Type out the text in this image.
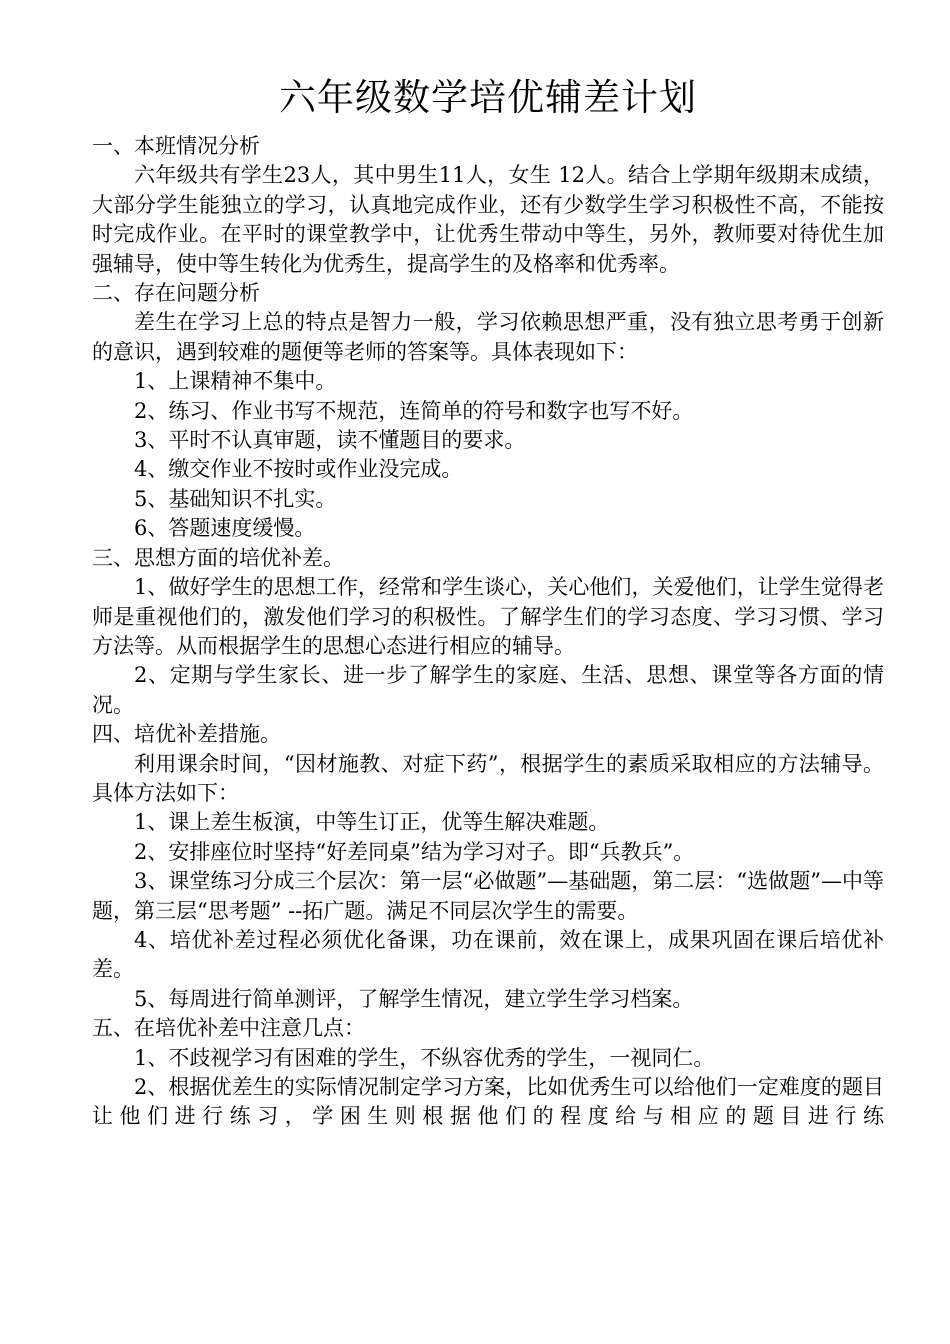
六年级数学培优辅差计划

一、本班情况分析

六年级共有学生23人，其中男生11人，女生 12人。结合上学期年级期末成绩，大部分学生能独立的学习，认真地完成作业，还有少数学生学习积极性不高，不能按时完成作业。在平时的课堂教学中，让优秀生带动中等生，另外，教师要对待优生加强辅导，使中等生转化为优秀生，提高学生的及格率和优秀率。

二、存在问题分析

差生在学习上总的特点是智力一般，学习依赖思想严重，没有独立思考勇于创新的意识，遇到较难的题便等老师的答案等。具体表现如下：

1、上课精神不集中。

2、练习、作业书写不规范，连简单的符号和数字也写不好。

3、平时不认真审题，读不懂题目的要求。

4、缴交作业不按时或作业没完成。

5、基础知识不扎实。

6、答题速度缓慢。

三、思想方面的培优补差。

1、做好学生的思想工作，经常和学生谈心，关心他们，关爱他们，让学生觉得老师是重视他们的，激发他们学习的积极性。了解学生们的学习态度、学习习惯、学习方法等。从而根据学生的思想心态进行相应的辅导。

2、定期与学生家长、进一步了解学生的家庭、生活、思想、课堂等各方面的情况。

四、培优补差措施。

利用课余时间，“因材施教、对症下药”，根据学生的素质采取相应的方法辅导。具体方法如下：

1、课上差生板演，中等生订正，优等生解决难题。

2、安排座位时坚持“好差同桌”结为学习对子。即“兵教兵”。

3、课堂练习分成三个层次：第一层“必做题”—基础题，第二层：“选做题”—中等题，第三层“思考题” --拓广题。满足不同层次学生的需要。

4、培优补差过程必须优化备课，功在课前，效在课上，成果巩固在课后培优补差。

5、每周进行简单测评，了解学生情况，建立学生学习档案。

五、在培优补差中注意几点：

1、不歧视学习有困难的学生，不纵容优秀的学生，一视同仁。

2、根据优差生的实际情况制定学习方案，比如优秀生可以给他们一定难度的题目让他们进行练习，学困生则根据他们的程度给与相应的题目进行练
